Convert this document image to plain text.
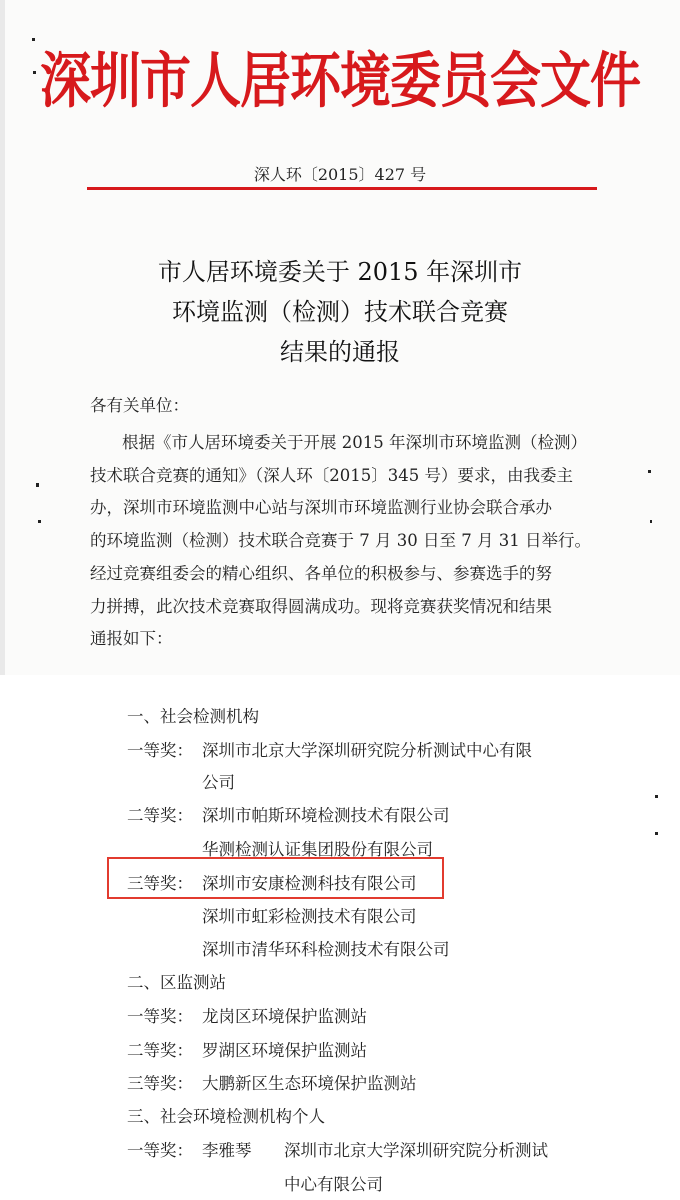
深圳市人居环境委员会文件
深人环〔2015〕427 号
市人居环境委关于 2015 年深圳市
环境监测（检测）技术联合竞赛
结果的通报
各有关单位：
根据《市人居环境委关于开展 2015 年深圳市环境监测（检测）
技术联合竞赛的通知》（深人环〔2015〕345 号）要求，由我委主
办，深圳市环境监测中心站与深圳市环境监测行业协会联合承办
的环境监测（检测）技术联合竞赛于 7 月 30 日至 7 月 31 日举行。
经过竞赛组委会的精心组织、各单位的积极参与、参赛选手的努
力拼搏，此次技术竞赛取得圆满成功。现将竞赛获奖情况和结果
通报如下：
一、社会检测机构
一等奖： 深圳市北京大学深圳研究院分析测试中心有限
公司
二等奖： 深圳市帕斯环境检测技术有限公司
华测检测认证集团股份有限公司
三等奖： 深圳市安康检测科技有限公司
深圳市虹彩检测技术有限公司
深圳市清华环科检测技术有限公司
二、区监测站
一等奖： 龙岗区环境保护监测站
二等奖： 罗湖区环境保护监测站
三等奖： 大鹏新区生态环境保护监测站
三、社会环境检测机构个人
一等奖： 李雅琴 深圳市北京大学深圳研究院分析测试
中心有限公司
